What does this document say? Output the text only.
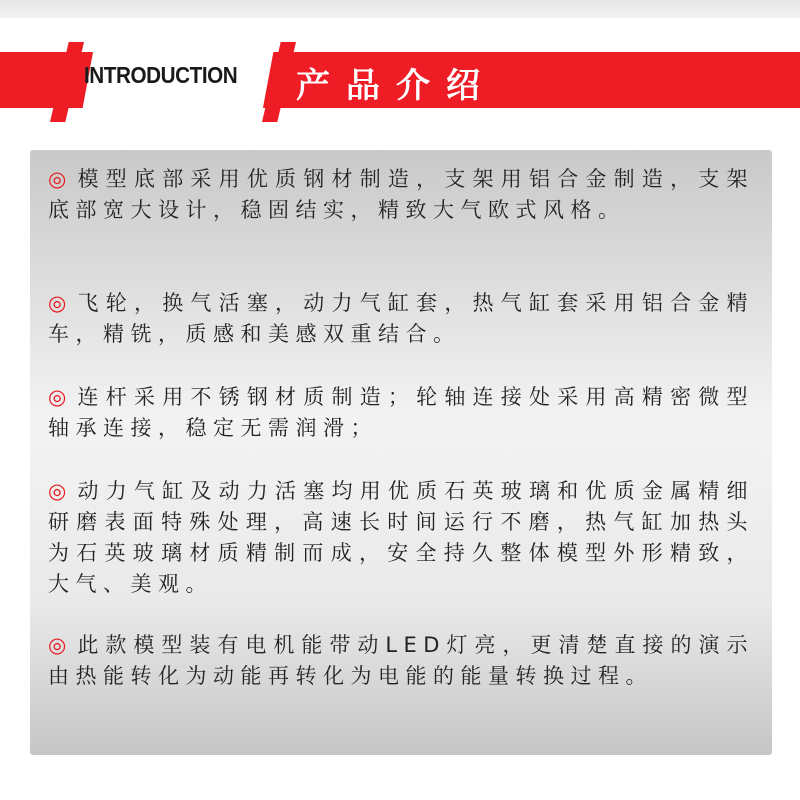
INTRODUCTION 产品介绍

◎ 模型底部采用优质钢材制造，支架用铝合金制造，支架底部宽大设计，稳固结实，精致大气欧式风格。

◎ 飞轮，换气活塞，动力气缸套，热气缸套采用铝合金精车，精铣，质感和美感双重结合。

◎ 连杆采用不锈钢材质制造；轮轴连接处采用高精密微型轴承连接，稳定无需润滑；

◎ 动力气缸及动力活塞均用优质石英玻璃和优质金属精细研磨表面特殊处理，高速长时间运行不磨，热气缸加热头为石英玻璃材质精制而成，安全持久整体模型外形精致，大气、美观。

◎ 此款模型装有电机能带动LED灯亮，更清楚直接的演示由热能转化为动能再转化为电能的能量转换过程。
